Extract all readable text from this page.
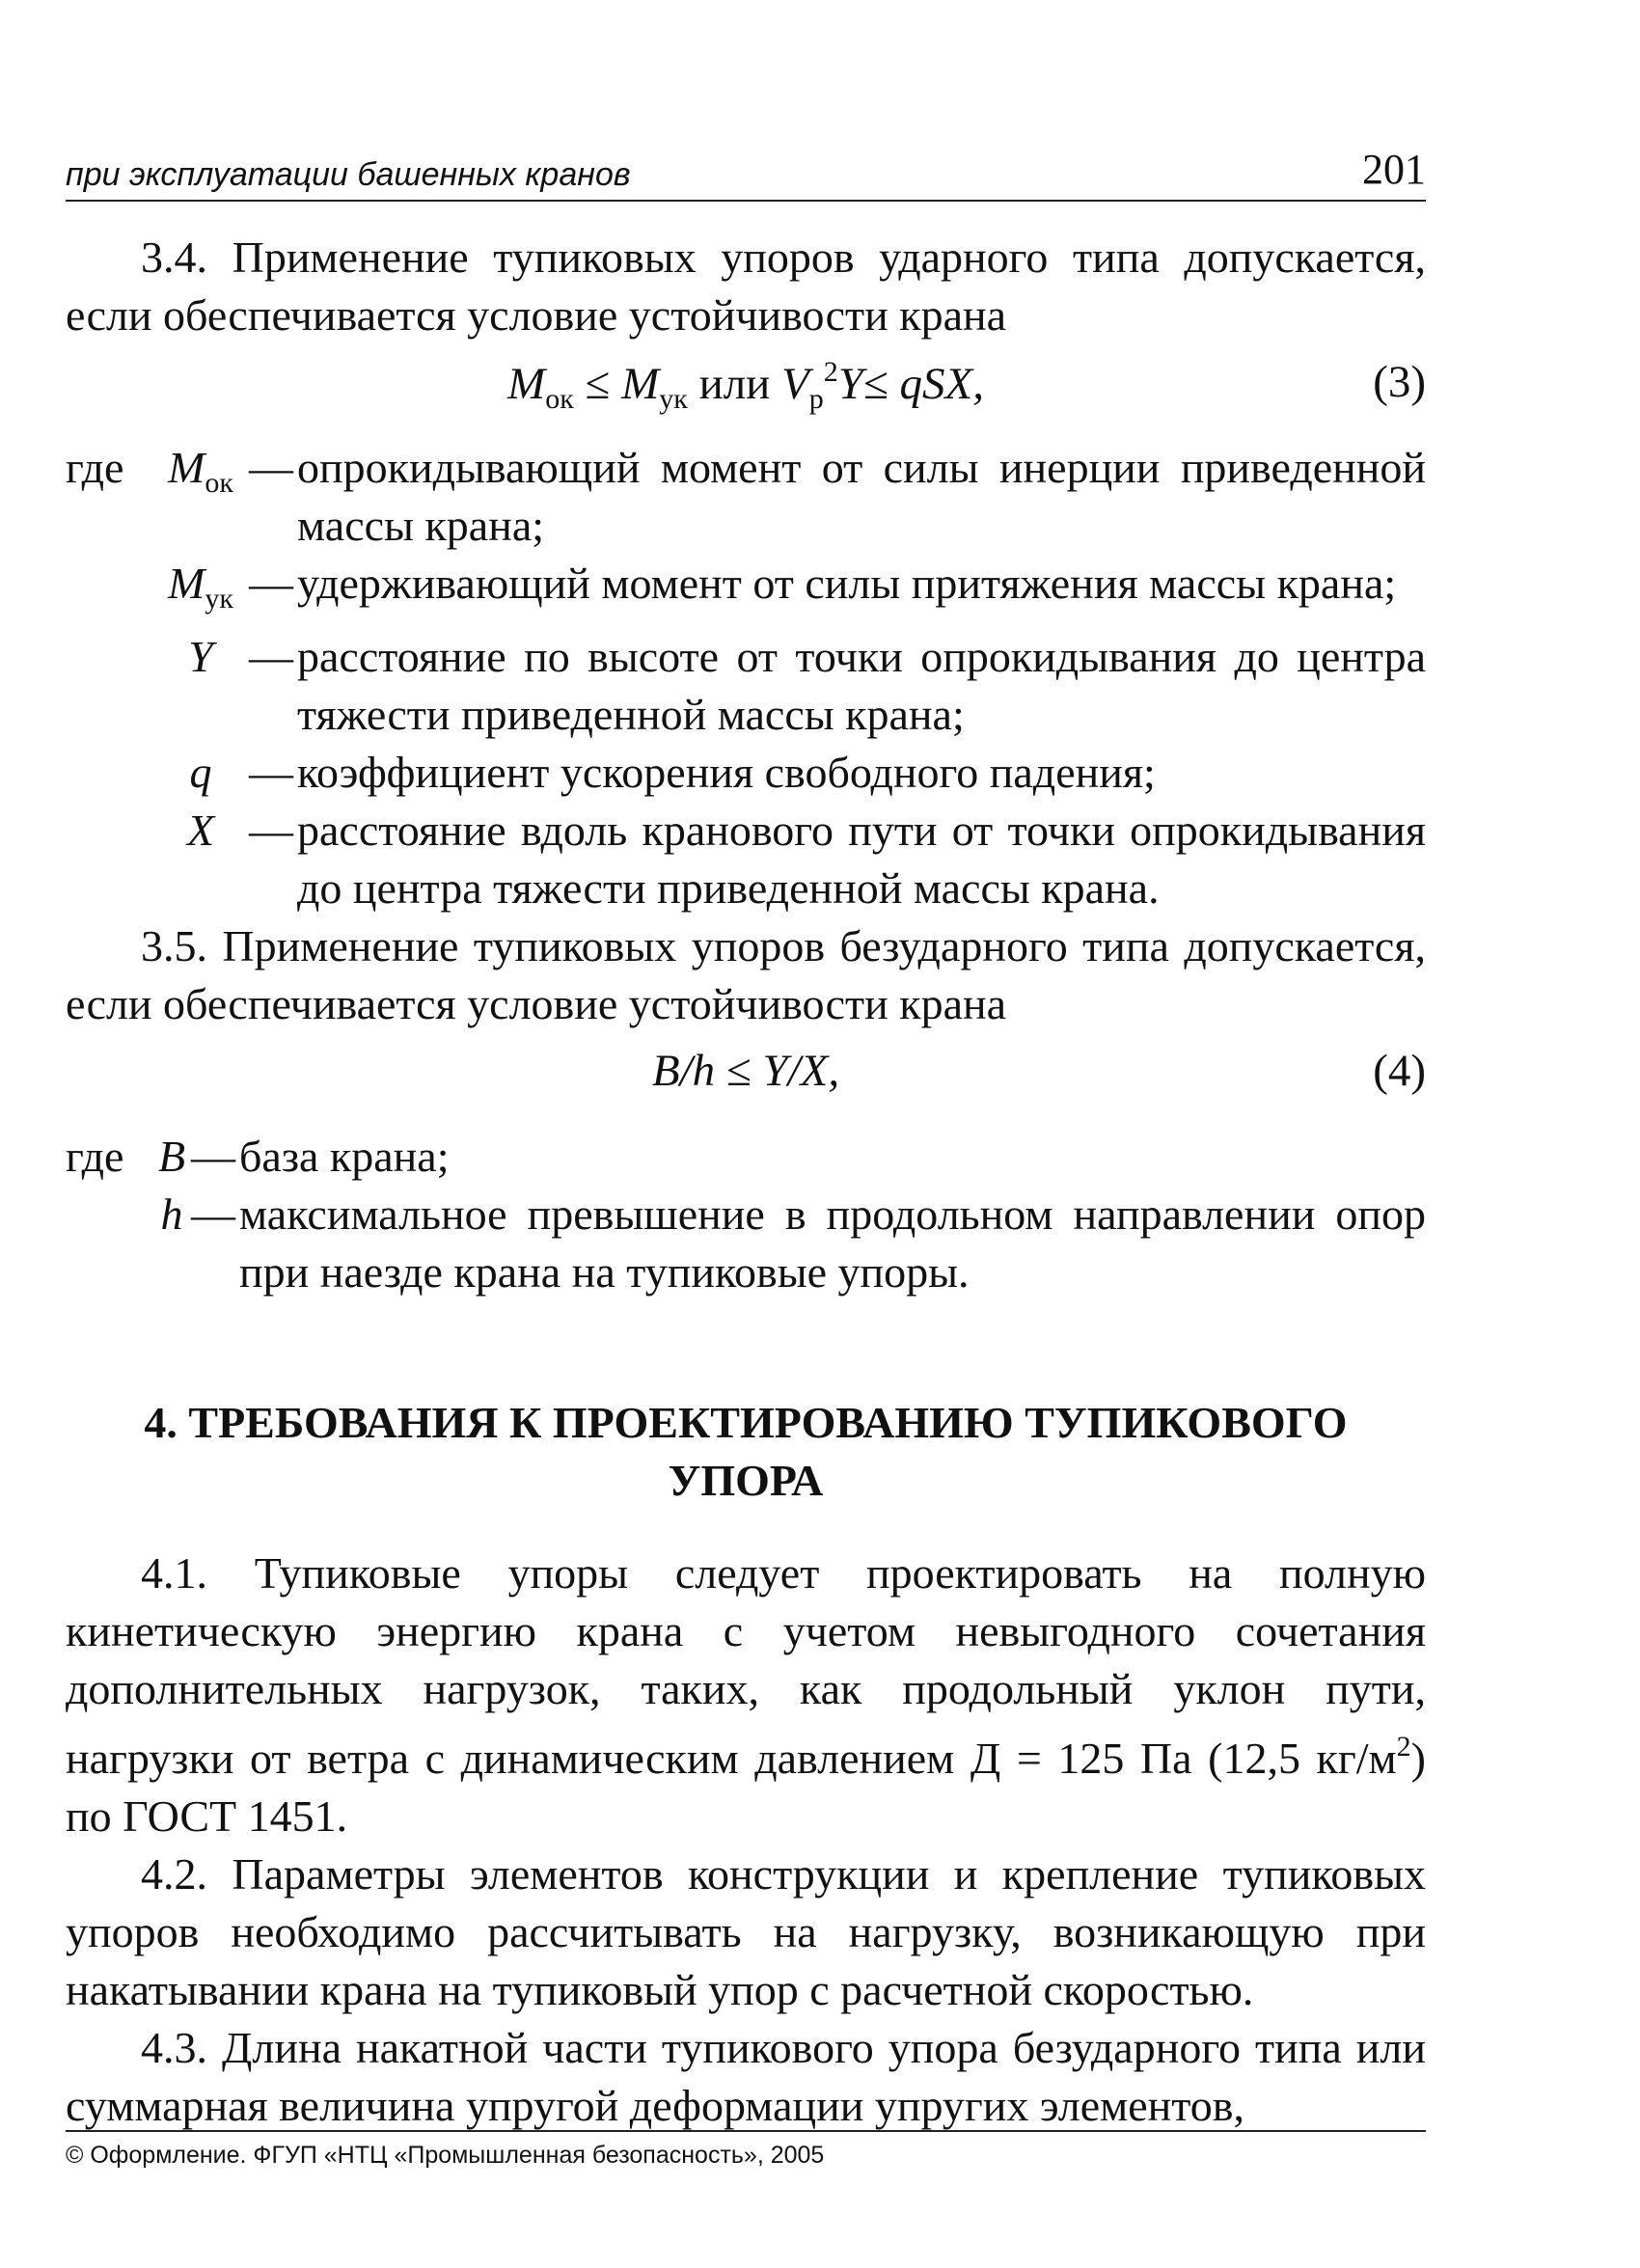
при эксплуатации башенных кранов	201

3.4. Применение тупиковых упоров ударного типа допускается, если обеспечивается условие устойчивости крана

$M_{ок} \le M_{ук}$ или $V_р^2Y\le$ qSX,	(3)
где $M_{ок}$ — опрокидывающий момент от силы инерции приведенной массы крана;
$M_{ук}$ — удерживающий момент от силы притяжения массы крана;
Y — расстояние по высоте от точки опрокидывания до центра тяжести приведенной массы крана;
q — коэффициент ускорения свободного падения;
X — расстояние вдоль кранового пути от точки опрокидывания до центра тяжести приведенной массы крана.

3.5. Применение тупиковых упоров безударного типа допускается, если обеспечивается условие устойчивости крана

B/h ≤ Y/X,	(4)
где B — база крана;
h — максимальное превышение в продольном направлении опор при наезде крана на тупиковые упоры.
4. ТРЕБОВАНИЯ К ПРОЕКТИРОВАНИЮ ТУПИКОВОГО УПОРА

4.1. Тупиковые упоры следует проектировать на полную кинетическую энергию крана с учетом невыгодного сочетания дополнительных нагрузок, таких, как продольный уклон пути, нагрузки от ветра с динамическим давлением Д = 125 Па (12,5 $кг/м^2$) по ГОСТ 1451.

4.2. Параметры элементов конструкции и крепление тупиковых упоров необходимо рассчитывать на нагрузку, возникающую при накатывании крана на тупиковый упор с расчетной скоростью.

4.3. Длина накатной части тупикового упора безударного типа или суммарная величина упругой деформации упругих элементов,

© Оформление. ФГУП «НТЦ «Промышленная безопасность», 2005
